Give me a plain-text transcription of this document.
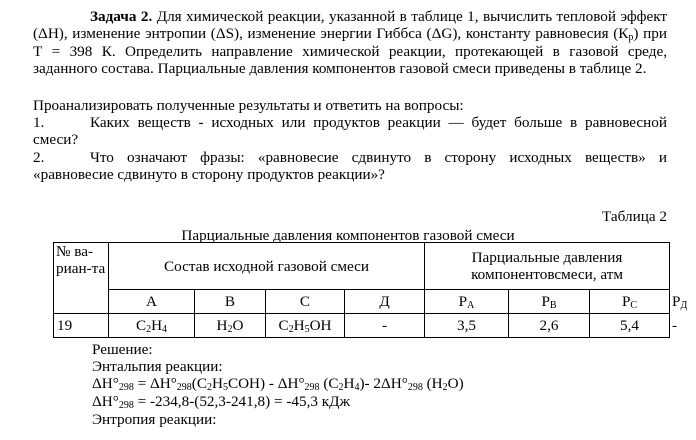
Задача 2. Для химической реакции, указанной в таблице 1, вычислить тепловой эффект (ΔН), изменение энтропии (ΔS), изменение энергии Гиббса (ΔG), константу равновесия $(К_р)$ при Т = 398 К. Определить направление химической реакции, протекающей в газовой среде, заданного состава. Парциальные давления компонентов газовой смеси приведены в таблице 2.

Проанализировать полученные результаты и ответить на вопросы:

1.	Каких веществ - исходных или продуктов реакции — будет больше в равновесной смеси?
2.	Что означают фразы: «равновесие сдвинуто в сторону исходных веществ» и «равновесие сдвинуто в сторону продуктов реакции»?

Таблица 2

Парциальные давления компонентов газовой смеси

№ ва-риан-та	Состав исходной газовой смеси				Парциальные давления компонентовсмеси, атм			
	А	В	С	Д	$Р_А$	$Р_В$	$Р_С$	$Р_Д$
19	$С_2Н_4$	$Н_2О$	$С_2Н_5ОН$	-	3,5	2,6	5,4	-

Решение:

Энтальпия реакции:

$\Delta Н^\circ_{298} = \Delta Н^\circ_{298}(С_2Н_5СОН) - \Delta Н^\circ_{298}$ $(С_2Н_4)-$ $2\Delta Н^\circ_{298}$ $(Н_2О)$

$\Delta Н^\circ_{298} = -234,8-(52,3-241,8) = -45,3$ кДж

Энтропия реакции:
